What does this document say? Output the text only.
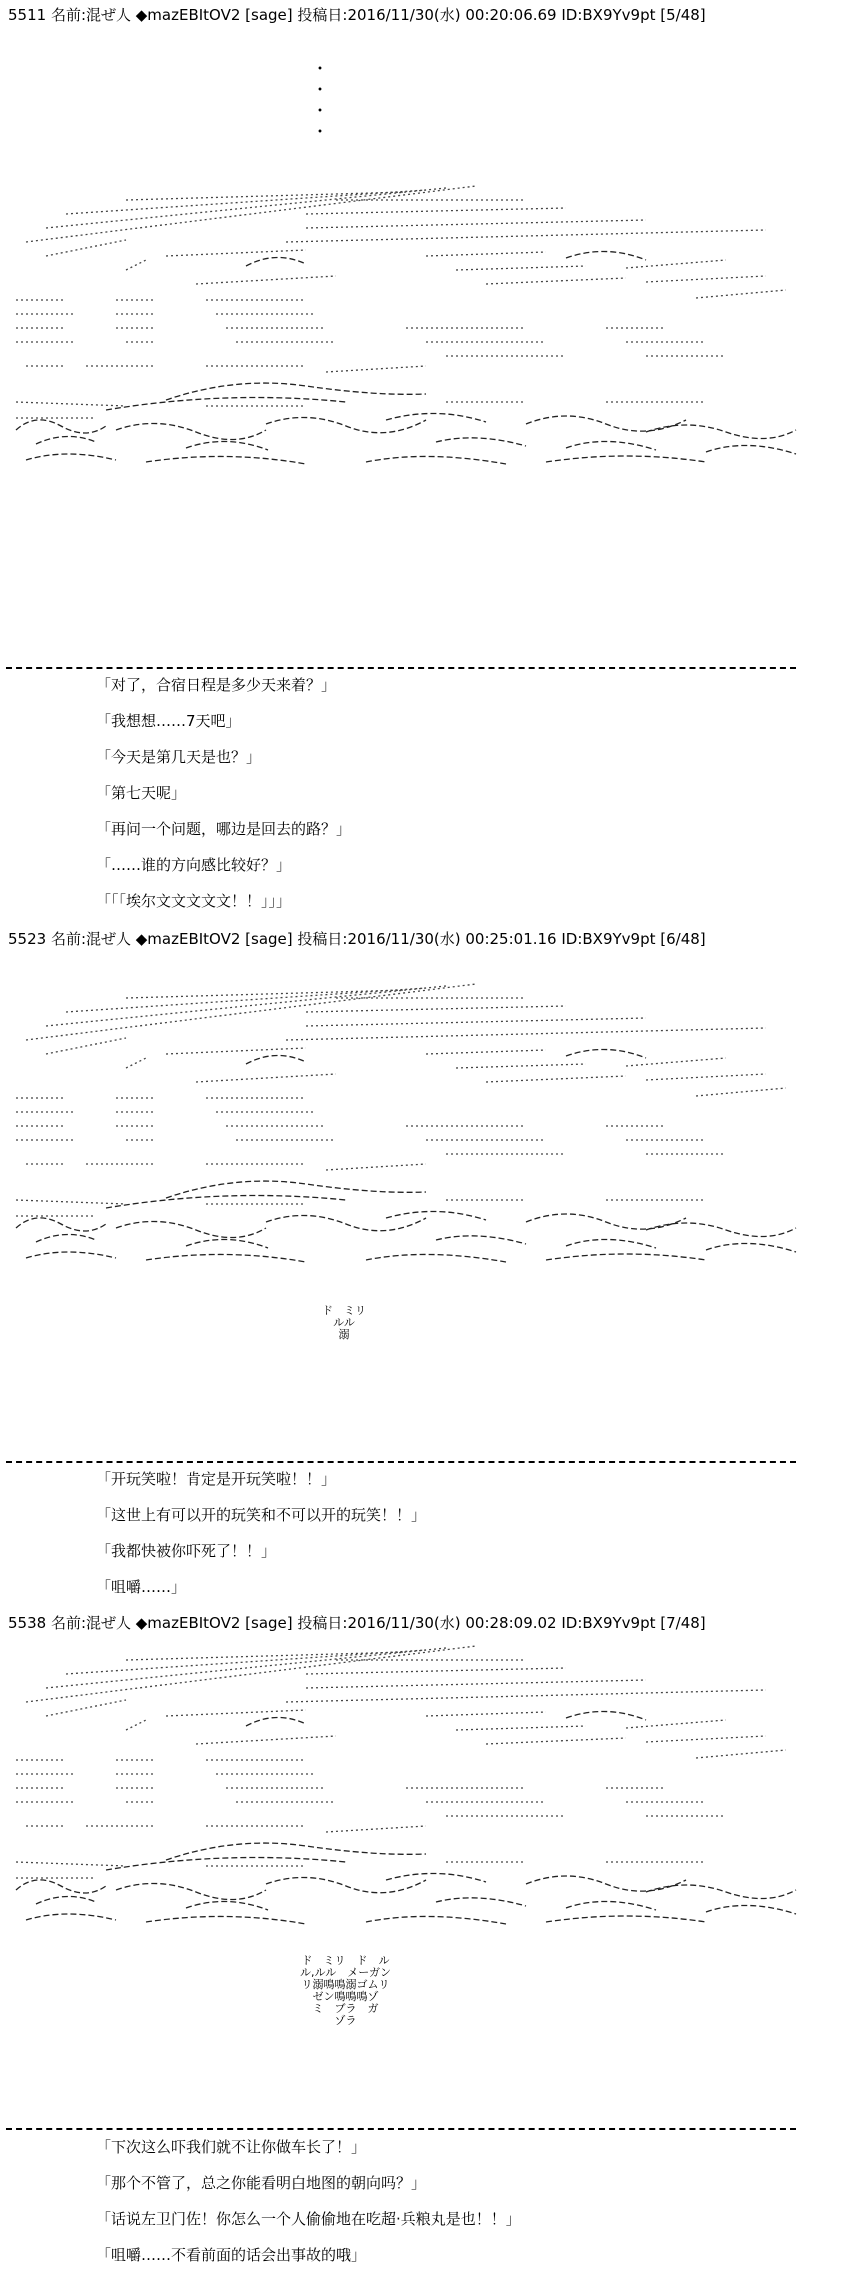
5511 名前:混ぜ人 ◆mazEBItOV2 [sage] 投稿日:2016/11/30(水) 00:20:06.69 ID:BX9Yv9pt [5/48]
・
・
・
・
「对了，合宿日程是多少天来着？」
「我想想……7天吧」
「今天是第几天是也？」
「第七天呢」
「再问一个问题，哪边是回去的路？」
「……谁的方向感比较好？」
「「「埃尔文文文文文！！」」」
5523 名前:混ぜ人 ◆mazEBItOV2 [sage] 投稿日:2016/11/30(水) 00:25:01.16 ID:BX9Yv9pt [6/48]
ド　ミリ
ルル
溺
「开玩笑啦！肯定是开玩笑啦！！」
「这世上有可以开的玩笑和不可以开的玩笑！！」
「我都快被你吓死了！！」
「咀嚼……」
5538 名前:混ぜ人 ◆mazEBItOV2 [sage] 投稿日:2016/11/30(水) 00:28:09.02 ID:BX9Yv9pt [7/48]
ド　ミリ　ド　ル
ル,ルル　メーガン
リ溺鳴鳴溺ゴムリ
ゼン鳴鳴鳴ゾ
ミ　ブラ　ガ
ゾラ
「下次这么吓我们就不让你做车长了！」
「那个不管了，总之你能看明白地图的朝向吗？」
「话说左卫门佐！你怎么一个人偷偷地在吃超·兵粮丸是也！！」
「咀嚼……不看前面的话会出事故的哦」
